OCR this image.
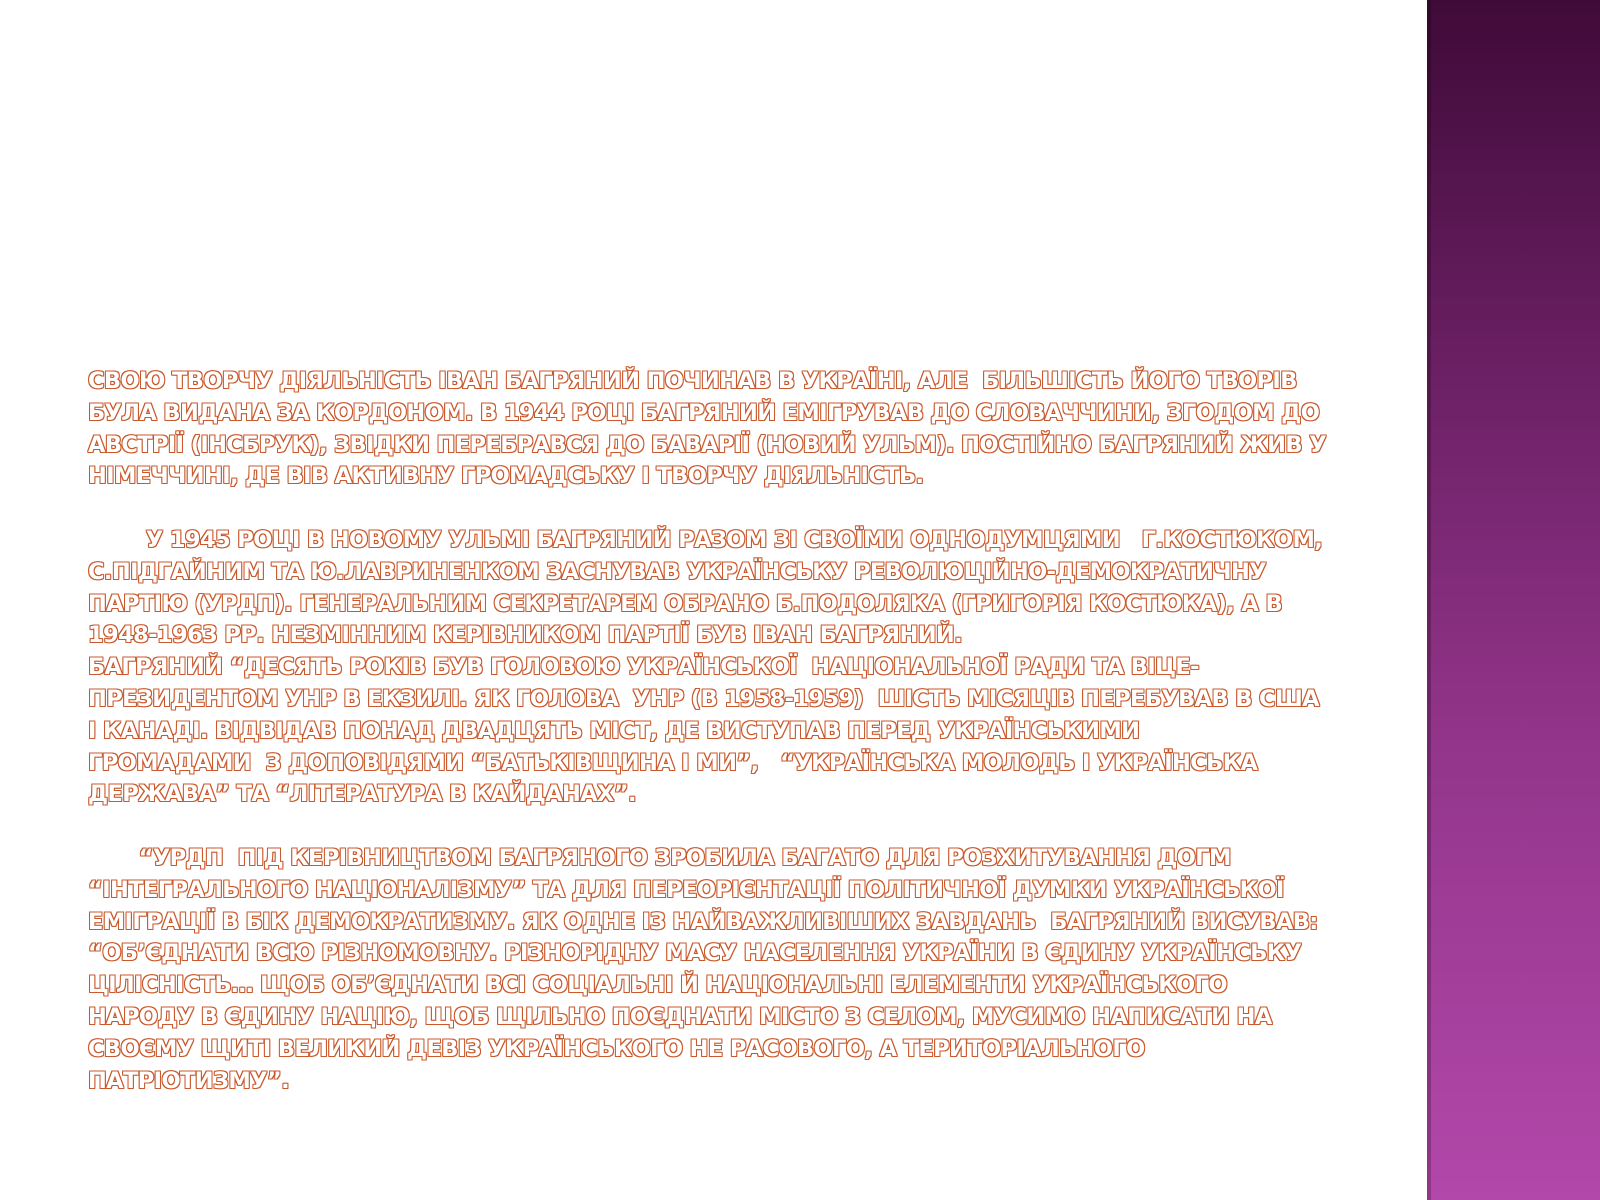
СВОЮ ТВОРЧУ ДІЯЛЬНІСТЬ ІВАН БАГРЯНИЙ ПОЧИНАВ В УКРАЇНІ, АЛЕ  БІЛЬШІСТЬ ЙОГО ТВОРІВ
БУЛА ВИДАНА ЗА КОРДОНОМ. В 1944 РОЦІ БАГРЯНИЙ ЕМІГРУВАВ ДО СЛОВАЧЧИНИ, ЗГОДОМ ДО
АВСТРІЇ (ІНСБРУК), ЗВІДКИ ПЕРЕБРАВСЯ ДО БАВАРІЇ (НОВИЙ УЛЬМ). ПОСТІЙНО БАГРЯНИЙ ЖИВ У
НІМЕЧЧИНІ, ДЕ ВІВ АКТИВНУ ГРОМАДСЬКУ І ТВОРЧУ ДІЯЛЬНІСТЬ.

У 1945 РОЦІ В НОВОМУ УЛЬМІ БАГРЯНИЙ РАЗОМ ЗІ СВОЇМИ ОДНОДУМЦЯМИ   Г.КОСТЮКОМ,
С.ПІДГАЙНИМ ТА Ю.ЛАВРИНЕНКОМ ЗАСНУВАВ УКРАЇНСЬКУ РЕВОЛЮЦІЙНО-ДЕМОКРАТИЧНУ
ПАРТІЮ (УРДП). ГЕНЕРАЛЬНИМ СЕКРЕТАРЕМ ОБРАНО Б.ПОДОЛЯКА (ГРИГОРІЯ КОСТЮКА), А В
1948-1963 РР. НЕЗМІННИМ КЕРІВНИКОМ ПАРТІЇ БУВ ІВАН БАГРЯНИЙ.
БАГРЯНИЙ “ДЕСЯТЬ РОКІВ БУВ ГОЛОВОЮ УКРАЇНСЬКОЇ  НАЦІОНАЛЬНОЇ РАДИ ТА ВІЦЕ-
ПРЕЗИДЕНТОМ УНР В ЕКЗИЛІ. ЯК ГОЛОВА  УНР (В 1958-1959)  ШІСТЬ МІСЯЦІВ ПЕРЕБУВАВ В США
І КАНАДІ. ВІДВІДАВ ПОНАД ДВАДЦЯТЬ МІСТ, ДЕ ВИСТУПАВ ПЕРЕД УКРАЇНСЬКИМИ
ГРОМАДАМИ  З ДОПОВІДЯМИ “БАТЬКІВЩИНА І МИ”,   “УКРАЇНСЬКА МОЛОДЬ І УКРАЇНСЬКА
ДЕРЖАВА” ТА “ЛІТЕРАТУРА В КАЙДАНАХ”.

“УРДП  ПІД КЕРІВНИЦТВОМ БАГРЯНОГО ЗРОБИЛА БАГАТО ДЛЯ РОЗХИТУВАННЯ ДОГМ
“ІНТЕГРАЛЬНОГО НАЦІОНАЛІЗМУ” ТА ДЛЯ ПЕРЕОРІЄНТАЦІЇ ПОЛІТИЧНОЇ ДУМКИ УКРАЇНСЬКОЇ
ЕМІГРАЦІЇ В БІК ДЕМОКРАТИЗМУ. ЯК ОДНЕ ІЗ НАЙВАЖЛИВІШИХ ЗАВДАНЬ  БАГРЯНИЙ ВИСУВАВ:
“ОБ’ЄДНАТИ ВСЮ РІЗНОМОВНУ. РІЗНОРІДНУ МАСУ НАСЕЛЕННЯ УКРАЇНИ В ЄДИНУ УКРАЇНСЬКУ
ЦІЛІСНІСТЬ… ЩОБ ОБ’ЄДНАТИ ВСІ СОЦІАЛЬНІ Й НАЦІОНАЛЬНІ ЕЛЕМЕНТИ УКРАЇНСЬКОГО
НАРОДУ В ЄДИНУ НАЦІЮ, ЩОБ ЩІЛЬНО ПОЄДНАТИ МІСТО З СЕЛОМ, МУСИМО НАПИСАТИ НА
СВОЄМУ ЩИТІ ВЕЛИКИЙ ДЕВІЗ УКРАЇНСЬКОГО НЕ РАСОВОГО, А ТЕРИТОРІАЛЬНОГО
ПАТРІОТИЗМУ”.
